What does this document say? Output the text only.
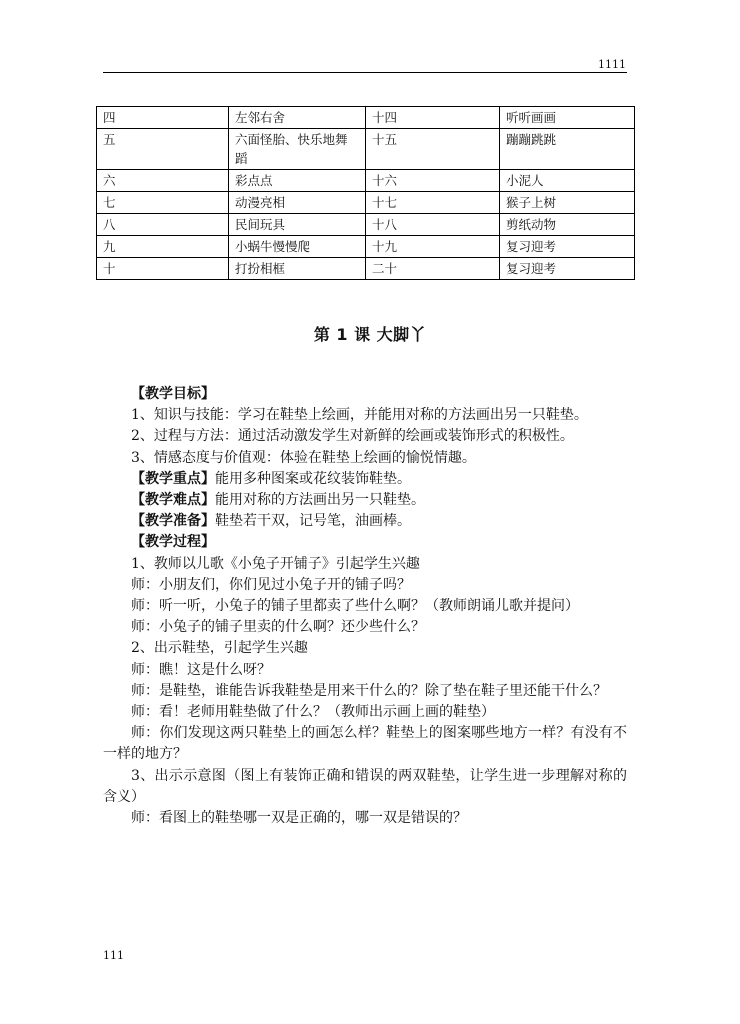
1111
四	左邻右舍	十四	听听画画
五	六面怪胎、快乐地舞蹈	十五	蹦蹦跳跳
六	彩点点	十六	小泥人
七	动漫亮相	十七	猴子上树
八	民间玩具	十八	剪纸动物
九	小蜗牛慢慢爬	十九	复习迎考
十	打扮相框	二十	复习迎考
第 1 课 大脚丫

【教学目标】

1、知识与技能：学习在鞋垫上绘画，并能用对称的方法画出另一只鞋垫。

2、过程与方法：通过活动激发学生对新鲜的绘画或装饰形式的积极性。

3、情感态度与价值观：体验在鞋垫上绘画的愉悦情趣。

【教学重点】能用多种图案或花纹装饰鞋垫。

【教学难点】能用对称的方法画出另一只鞋垫。

【教学准备】鞋垫若干双，记号笔，油画棒。

【教学过程】

1、教师以儿歌《小兔子开铺子》引起学生兴趣

师：小朋友们，你们见过小兔子开的铺子吗？

师：听一听，小兔子的铺子里都卖了些什么啊？（教师朗诵儿歌并提问）

师：小兔子的铺子里卖的什么啊？还少些什么？

2、出示鞋垫，引起学生兴趣

师：瞧！这是什么呀？

师：是鞋垫，谁能告诉我鞋垫是用来干什么的？除了垫在鞋子里还能干什么？

师：看！老师用鞋垫做了什么？（教师出示画上画的鞋垫）

师：你们发现这两只鞋垫上的画怎么样？鞋垫上的图案哪些地方一样？有没有不一样的地方？

3、出示示意图（图上有装饰正确和错误的两双鞋垫，让学生进一步理解对称的含义）

师：看图上的鞋垫哪一双是正确的，哪一双是错误的？

111
